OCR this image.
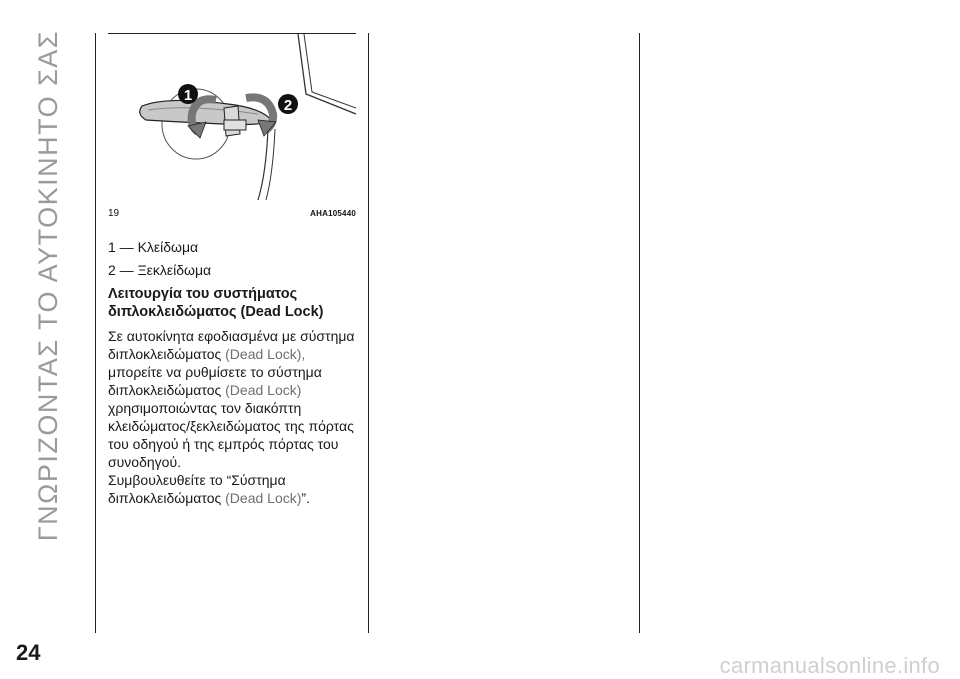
ΓΝΩΡΙΖΟΝΤΑΣ ΤΟ ΑΥΤΟΚΙΝΗΤΟ ΣΑΣ	1
2
19	AHA105440

1 — Κλείδωμα

2 — Ξεκλείδωμα

Λειτουργία του συστήματος διπλοκλειδώματος (Dead Lock)

Σε αυτοκίνητα εφοδιασμένα με σύστημα διπλοκλειδώματος (Dead Lock), μπορείτε να ρυθμίσετε το σύστημα διπλοκλειδώματος (Dead Lock) χρησιμοποιώντας τον διακόπτη κλειδώματος/ξεκλειδώματος της πόρτας του οδηγού ή της εμπρός πόρτας του συνοδηγού.

Συμβουλευθείτε το “Σύστημα διπλοκλειδώματος (Dead Lock)”.

24
carmanualsonline.info
